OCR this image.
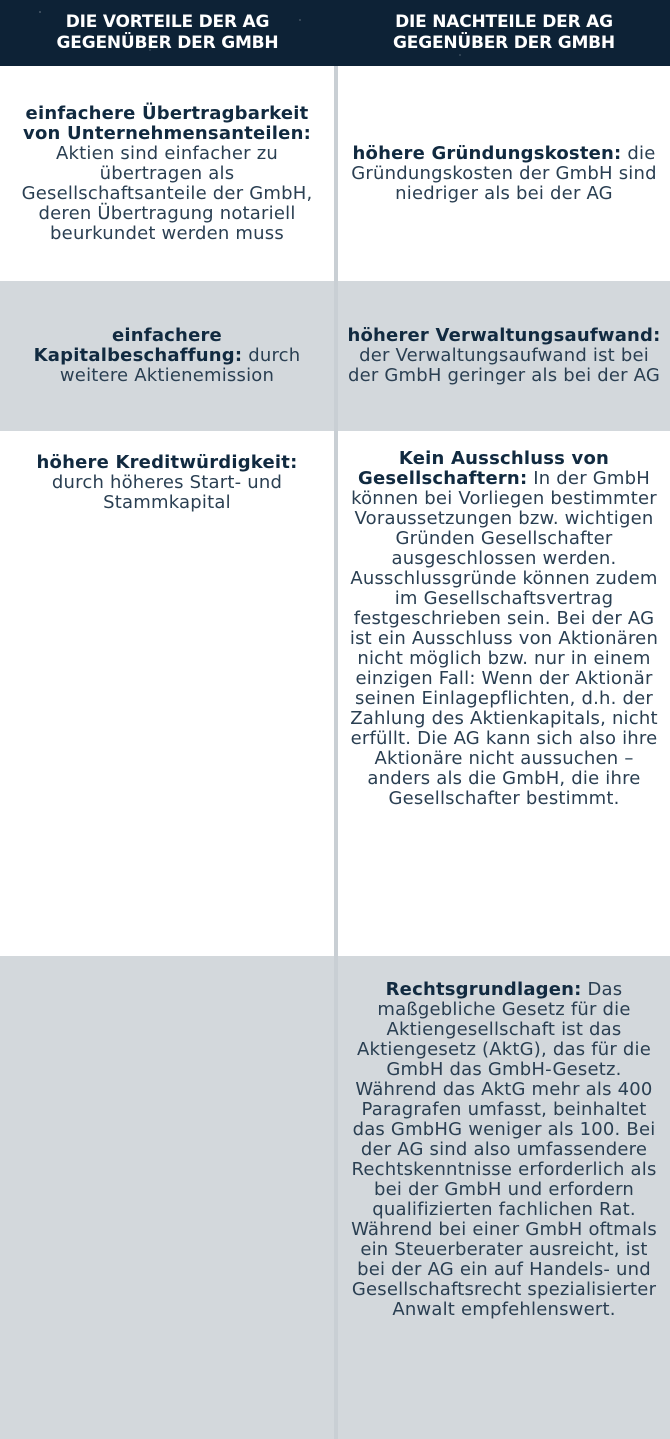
DIE VORTEILE DER AG
GEGENÜBER DER GMBH
DIE NACHTEILE DER AG
GEGENÜBER DER GMBH

einfachere Übertragbarkeit von Unternehmensanteilen: Aktien sind einfacher zu übertragen als Gesellschaftsanteile der GmbH, deren Übertragung notariell beurkundet werden muss

höhere Gründungskosten: die Gründungskosten der GmbH sind niedriger als bei der AG

einfachere Kapitalbeschaffung: durch weitere Aktienemission

höherer Verwaltungsaufwand: der Verwaltungsaufwand ist bei der GmbH geringer als bei der AG

höhere Kreditwürdigkeit: durch höheres Start- und Stammkapital

Kein Ausschluss von Gesellschaftern: In der GmbH können bei Vorliegen bestimmter Voraussetzungen bzw. wichtigen Gründen Gesellschafter ausgeschlossen werden. Ausschlussgründe können zudem im Gesellschaftsvertrag festgeschrieben sein. Bei der AG ist ein Ausschluss von Aktionären nicht möglich bzw. nur in einem einzigen Fall: Wenn der Aktionär seinen Einlagepflichten, d.h. der Zahlung des Aktienkapitals, nicht erfüllt. Die AG kann sich also ihre Aktionäre nicht aussuchen – anders als die GmbH, die ihre Gesellschafter bestimmt.

Rechtsgrundlagen: Das maßgebliche Gesetz für die Aktiengesellschaft ist das Aktiengesetz (AktG), das für die GmbH das GmbH-Gesetz. Während das AktG mehr als 400 Paragrafen umfasst, beinhaltet das GmbHG weniger als 100. Bei der AG sind also umfassendere Rechtskenntnisse erforderlich als bei der GmbH und erfordern qualifizierten fachlichen Rat. Während bei einer GmbH oftmals ein Steuerberater ausreicht, ist bei der AG ein auf Handels- und Gesellschaftsrecht spezialisierter Anwalt empfehlenswert.
